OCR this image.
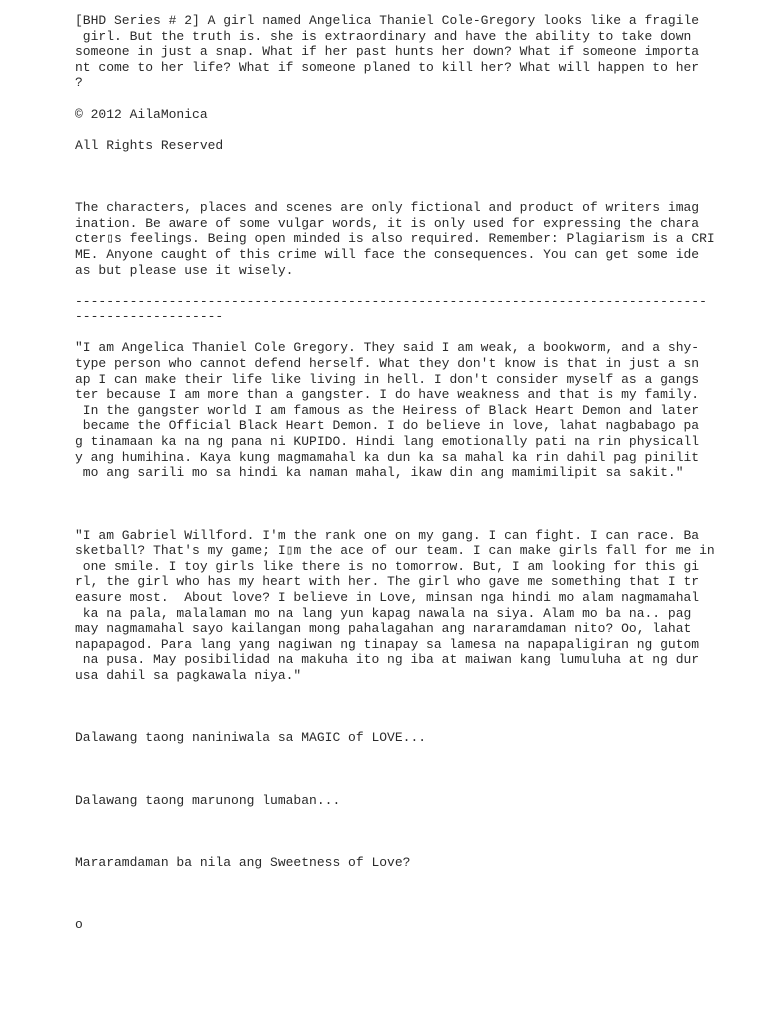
[BHD Series # 2] A girl named Angelica Thaniel Cole-Gregory looks like a fragile
girl. But the truth is. she is extraordinary and have the ability to take down
someone in just a snap. What if her past hunts her down? What if someone importa
nt come to her life? What if someone planed to kill her? What will happen to her
?
© 2012 AilaMonica
All Rights Reserved
The characters, places and scenes are only fictional and product of writers imag
ination. Be aware of some vulgar words, it is only used for expressing the chara
cter▯s feelings. Being open minded is also required. Remember: Plagiarism is a CRI
ME. Anyone caught of this crime will face the consequences. You can get some ide
as but please use it wisely.
---------------------------------------------------------------------------------
-------------------
"I am Angelica Thaniel Cole Gregory. They said I am weak, a bookworm, and a shy-
type person who cannot defend herself. What they don't know is that in just a sn
ap I can make their life like living in hell. I don't consider myself as a gangs
ter because I am more than a gangster. I do have weakness and that is my family.
In the gangster world I am famous as the Heiress of Black Heart Demon and later
became the Official Black Heart Demon. I do believe in love, lahat nagbabago pa
g tinamaan ka na ng pana ni KUPIDO. Hindi lang emotionally pati na rin physicall
y ang humihina. Kaya kung magmamahal ka dun ka sa mahal ka rin dahil pag pinilit
mo ang sarili mo sa hindi ka naman mahal, ikaw din ang mamimilipit sa sakit."
"I am Gabriel Willford. I'm the rank one on my gang. I can fight. I can race. Ba
sketball? That's my game; I▯m the ace of our team. I can make girls fall for me in
one smile. I toy girls like there is no tomorrow. But, I am looking for this gi
rl, the girl who has my heart with her. The girl who gave me something that I tr
easure most.  About love? I believe in Love, minsan nga hindi mo alam nagmamahal
ka na pala, malalaman mo na lang yun kapag nawala na siya. Alam mo ba na.. pag
may nagmamahal sayo kailangan mong pahalagahan ang nararamdaman nito? Oo, lahat
napapagod. Para lang yang nagiwan ng tinapay sa lamesa na napapaligiran ng gutom
na pusa. May posibilidad na makuha ito ng iba at maiwan kang lumuluha at ng dur
usa dahil sa pagkawala niya."
Dalawang taong naniniwala sa MAGIC of LOVE...
Dalawang taong marunong lumaban...
Mararamdaman ba nila ang Sweetness of Love?
o
